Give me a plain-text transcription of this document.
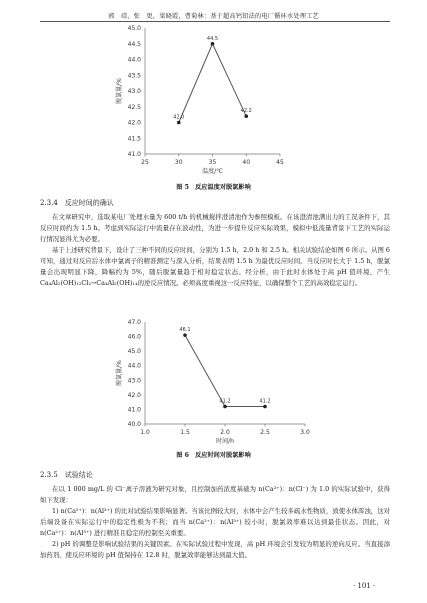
郭　靖，张　更，梁晓霞，曹菊林：基于超高钙铝法的电厂循环水处理工艺
41.0
41.5
42.0
42.5
43.0
43.5
44.0
44.5
45.0
25	30	35	40	45
42.0
44.5
42.2
脱氯量/%
温度/℃
图 5　反应温度对脱氯影响
2.3.4　反应时间的确认

在文章研究中，选取某电厂处理水量为 600 t/h 的机械搅拌澄清池作为参照模板。在该澄清池满出力的工况条件下，其反应时间约为 1.5 h。考虑到实际运行中流量存在波动性，为进一步提升反应实际效果，模拟中低流量背景下工艺的实际运行情况显得尤为必要。

基于上述研究背景下，设计了三种不同的反应时间，分别为 1.5 h，2.0 h 和 2.5 h。相关试验结论如图 6 所示。从图 6 可知，通过对反应后水体中氯离子的精准测定与深入分析，结果表明 1.5 h 为最优反应时间。当反应时长大于 1.5 h，脱氯量会出现明显下降，降幅约为 5%，随后脱氯量趋于相对稳定状态。经分析，由于此时水体处于高 pH 值环境，产生 Ca₄Al₂(OH)₁₂Cl₂→Ca₄Al₂(OH)₁₄的逆反应情况。必须高度重视这一反应特征，以确保整个工艺的高效稳定运行。

40.0
41.0
42.0
43.0
44.0
45.0
46.0
47.0
1.0	1.5	2.0	2.5	3.0
46.1
41.2	41.2
脱氯量/%
时间/h
图 6　反应时间对脱氯影响
2.3.5　试验结论

在以 1 000 mg/L 的 Cl⁻离子溶液为研究对象，且控制加药浓度基础为 n(Ca²⁺)：n(Cl⁻) 为 1.0 的实际试验中，获得如下发现：

1) n(Ca²⁺)：n(Al³⁺) 的比对试验结果影响显著。当该比例较大时，水体中会产生较多疏水性物质，致使水体浑浊，这对后端设备在实际运行中的稳定性极为不利；而当 n(Ca²⁺)：n(Al³⁺) 较小时，脱氯效率难以达到最佳状态。因此，对 n(Ca²⁺)：n(Al³⁺) 进行精准且稳定的控制至关重要。

2) pH 的调整是影响试验结果的关键因素。在实际试验过程中发现，高 pH 环境会引发较为明显的逆向反应。当直接添加药剂，使反应环境的 pH 值保持在 12.8 时，脱氯效率能够达到最大值。

· 101 ·
